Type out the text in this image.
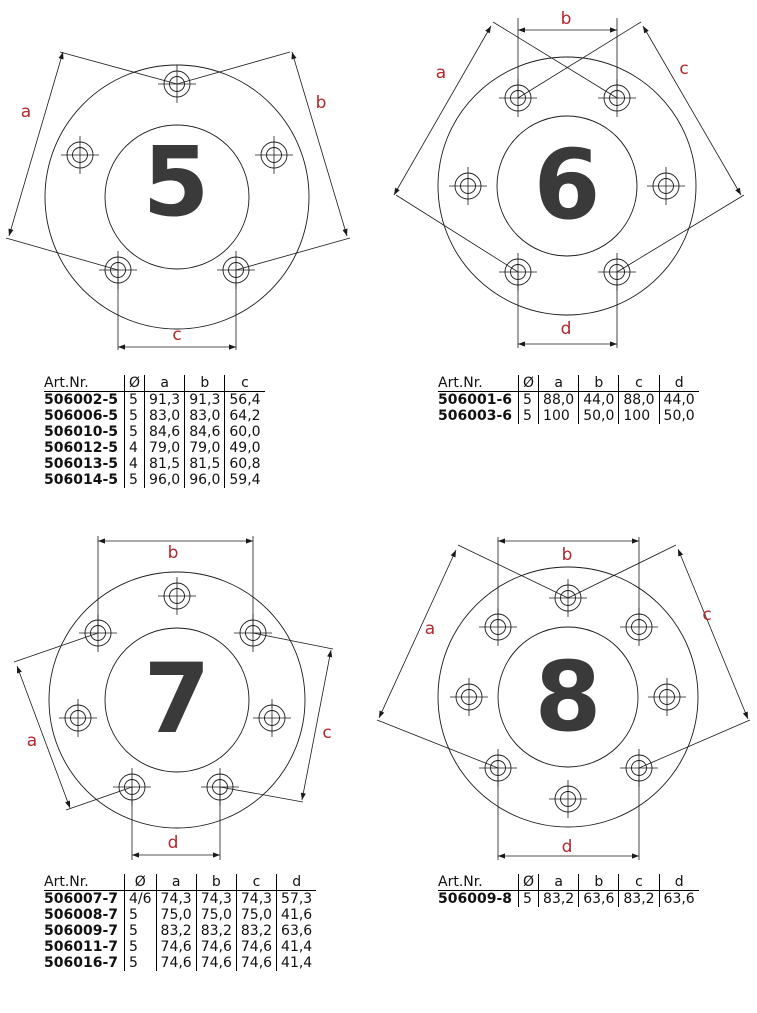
a	b
c
5
b
a	c
d
6
b
a	c
d
7
b
a
c
d
8
Art.Nr.	Ø	a	b	c
506002-5	5	91,3	91,3	56,4
506006-5	5	83,0	83,0	64,2
506010-5	5	84,6	84,6	60,0
506012-5	4	79,0	79,0	49,0
506013-5	4	81,5	81,5	60,8
506014-5	5	96,0	96,0	59,4
Art.Nr.	Ø	a	b	c	d
506001-6	5	88,0	44,0	88,0	44,0
506003-6	5	100	50,0	100	50,0
Art.Nr.	Ø	a	b	c	d
506007-7	4/6	74,3	74,3	74,3	57,3
506008-7	5	75,0	75,0	75,0	41,6
506009-7	5	83,2	83,2	83,2	63,6
506011-7	5	74,6	74,6	74,6	41,4
506016-7	5	74,6	74,6	74,6	41,4
Art.Nr.	Ø	a	b	c	d
506009-8	5	83,2	63,6	83,2	63,6
